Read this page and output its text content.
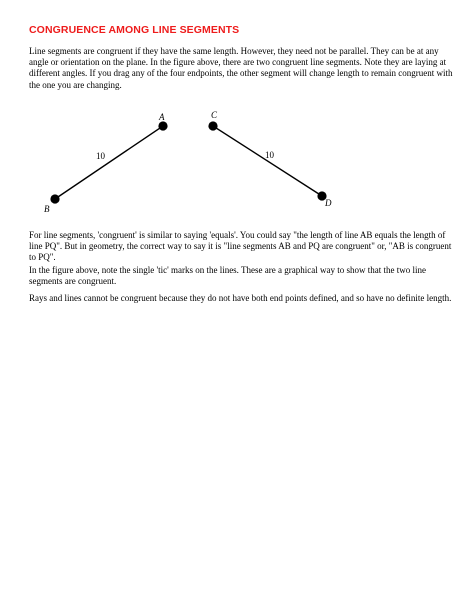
CONGRUENCE AMONG LINE SEGMENTS

Line segments are congruent if they have the same length. However, they need not be parallel. They can be at any angle or orientation on the plane. In the figure above, there are two congruent line segments. Note they are laying at different angles. If you drag any of the four endpoints, the other segment will change length to remain congruent with the one you are changing.

A
B
C
D
10	10

For line segments, 'congruent' is similar to saying 'equals'. You could say "the length of line AB equals the length of line PQ". But in geometry, the correct way to say it is "line segments AB and PQ are congruent" or, "AB is congruent to PQ".

In the figure above, note the single 'tic' marks on the lines. These are a graphical way to show that the two line segments are congruent.

Rays and lines cannot be congruent because they do not have both end points defined, and so have no definite length.
